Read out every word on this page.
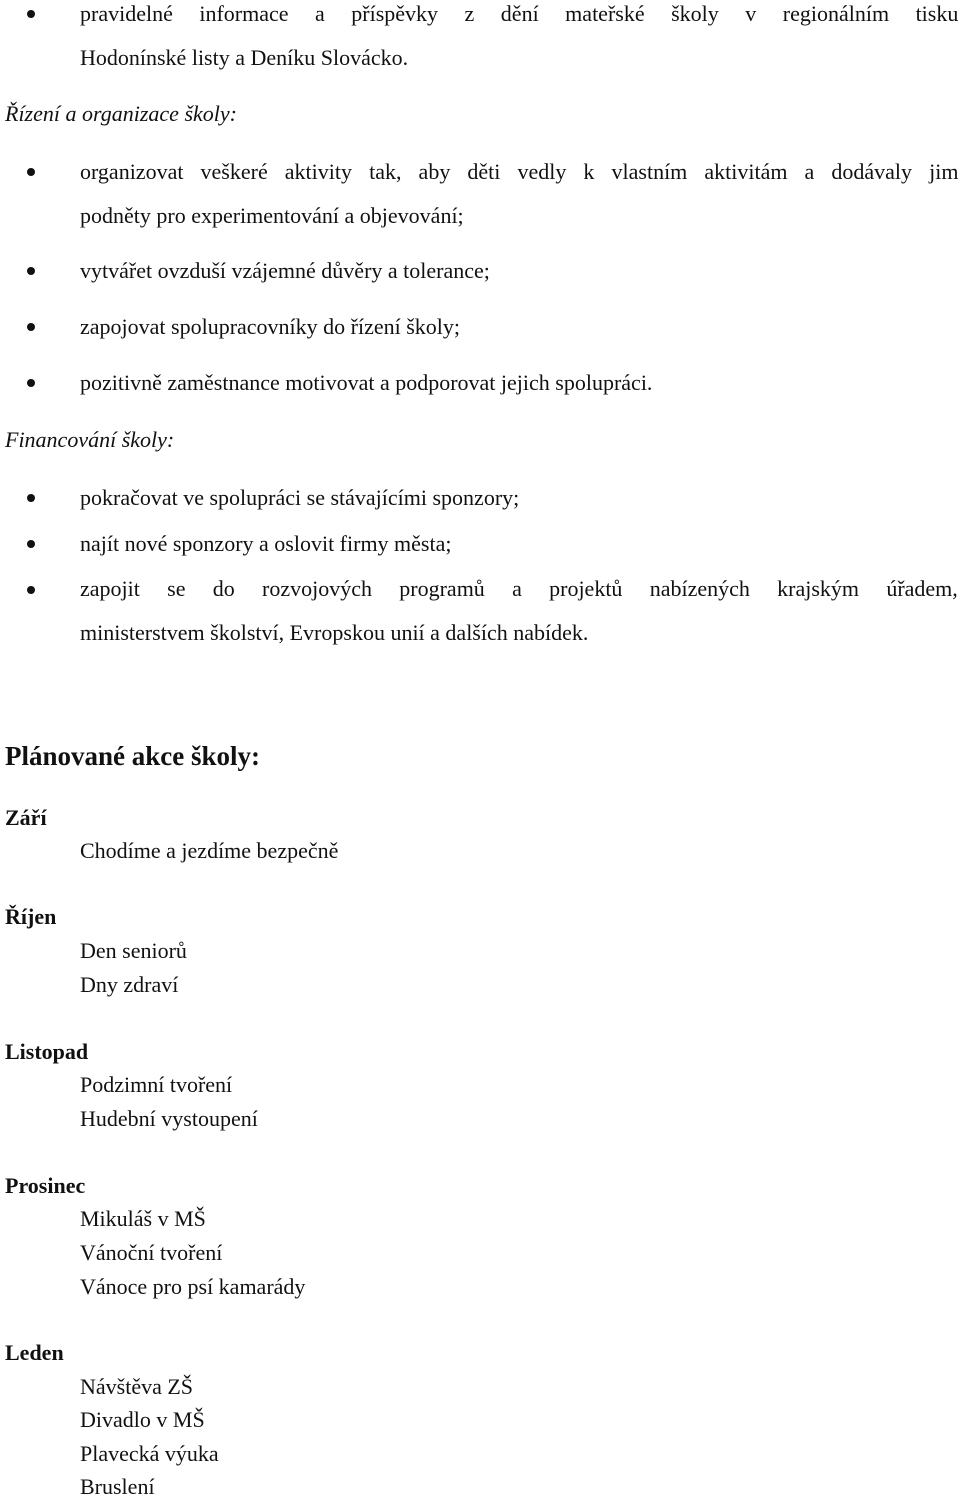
pravidelné informace a příspěvky z dění mateřské školy v regionálním tisku
Hodonínské listy a Deníku Slovácko.
Řízení a organizace školy:
organizovat veškeré aktivity tak, aby děti vedly k vlastním aktivitám a dodávaly jim
podněty pro experimentování a objevování;
vytvářet ovzduší vzájemné důvěry a tolerance;
zapojovat spolupracovníky do řízení školy;
pozitivně zaměstnance motivovat a podporovat jejich spolupráci.
Financování školy:
pokračovat ve spolupráci se stávajícími sponzory;
najít nové sponzory a oslovit firmy města;
zapojit se do rozvojových programů a projektů nabízených krajským úřadem,
ministerstvem školství, Evropskou unií a dalších nabídek.
Plánované akce školy:
Září
Chodíme a jezdíme bezpečně
Říjen
Den seniorů
Dny zdraví
Listopad
Podzimní tvoření
Hudební vystoupení
Prosinec
Mikuláš v MŠ
Vánoční tvoření
Vánoce pro psí kamarády
Leden
Návštěva ZŠ
Divadlo v MŠ
Plavecká výuka
Bruslení
